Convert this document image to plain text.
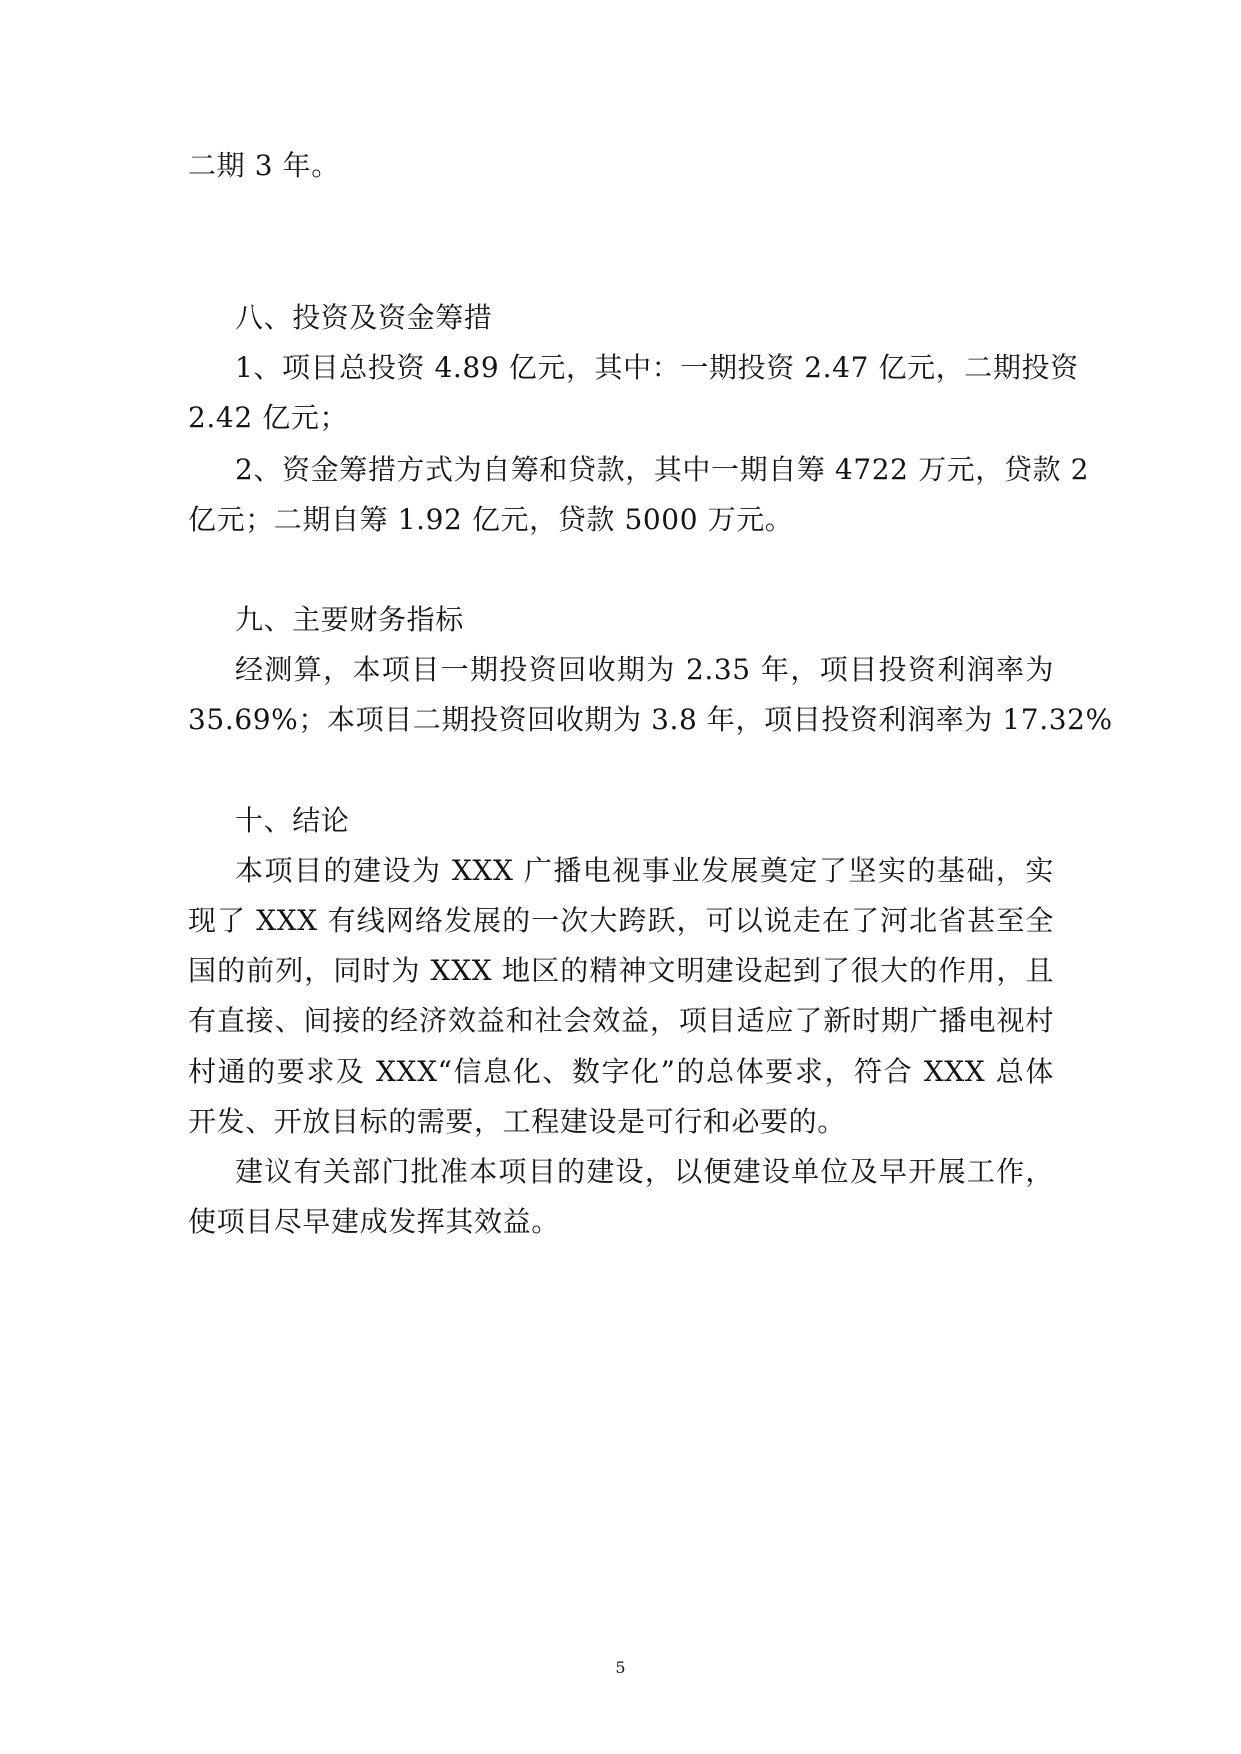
二期 3 年。
八、投资及资金筹措
1、项目总投资 4.89 亿元，其中：一期投资 2.47 亿元，二期投资
2.42 亿元；
2、资金筹措方式为自筹和贷款，其中一期自筹 4722 万元，贷款 2
亿元；二期自筹 1.92 亿元，贷款 5000 万元。
九、主要财务指标
经测算，本项目一期投资回收期为 2.35 年，项目投资利润率为
35.69%；本项目二期投资回收期为 3.8 年，项目投资利润率为 17.32%
十、结论
本项目的建设为 XXX 广播电视事业发展奠定了坚实的基础，实
现了 XXX 有线网络发展的一次大跨跃，可以说走在了河北省甚至全
国的前列，同时为 XXX 地区的精神文明建设起到了很大的作用，且
有直接、间接的经济效益和社会效益，项目适应了新时期广播电视村
村通的要求及 XXX“信息化、数字化”的总体要求，符合 XXX 总体
开发、开放目标的需要，工程建设是可行和必要的。
建议有关部门批准本项目的建设，以便建设单位及早开展工作，
使项目尽早建成发挥其效益。
5
